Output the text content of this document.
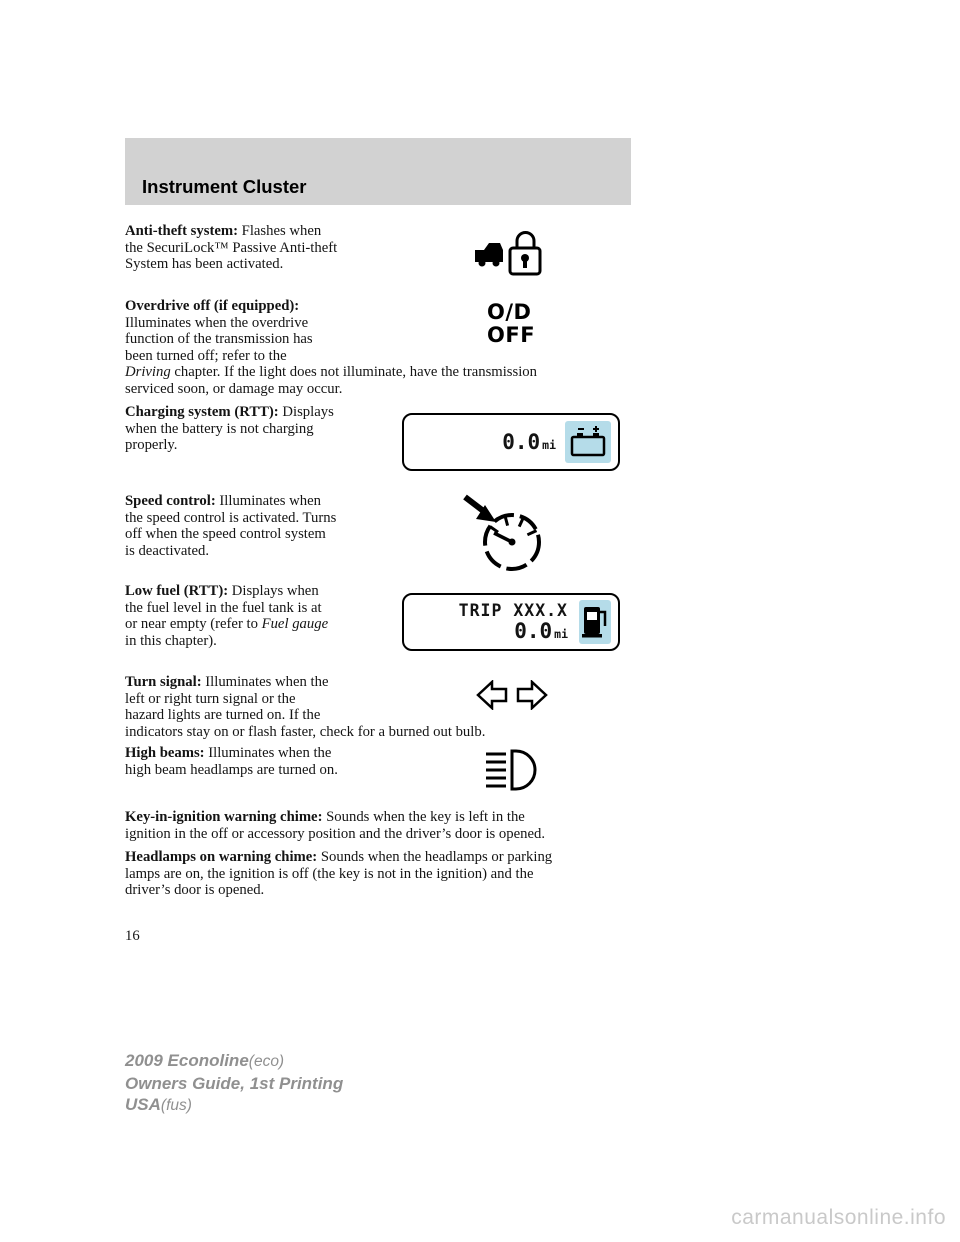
Instrument Cluster
Anti-theft system: Flashes when
the SecuriLock™ Passive Anti-theft
System has been activated.
Overdrive off (if equipped):
Illuminates when the overdrive
function of the transmission has
been turned off; refer to the
Driving chapter. If the light does not illuminate, have the transmission
serviced soon, or damage may occur.
O/D
OFF
Charging system (RTT): Displays
when the battery is not charging
properly.	0.0 mi
Speed control: Illuminates when
the speed control is activated. Turns
off when the speed control system
is deactivated.
Low fuel (RTT): Displays when
the fuel level in the fuel tank is at
or near empty (refer to Fuel gauge
in this chapter).
TRIP XXX.X
0.0 mi
Turn signal: Illuminates when the
left or right turn signal or the
hazard lights are turned on. If the
indicators stay on or flash faster, check for a burned out bulb.
High beams: Illuminates when the
high beam headlamps are turned on.
Key-in-ignition warning chime: Sounds when the key is left in the
ignition in the off or accessory position and the driver’s door is opened.
Headlamps on warning chime: Sounds when the headlamps or parking
lamps are on, the ignition is off (the key is not in the ignition) and the
driver’s door is opened.
16
2009 Econoline(eco)
Owners Guide, 1st Printing
USA(fus)
carmanualsonline.info
